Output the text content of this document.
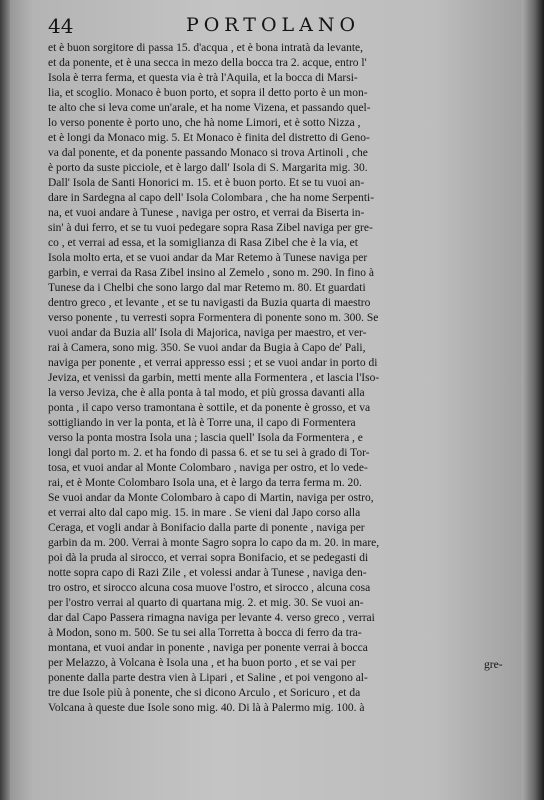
44	PORTOLANO
et è buon sorgitore di passa 15. d'acqua , et è bona intratà da levante,
et da ponente, et è una secca in mezo della bocca tra 2. acque, entro l'
Isola è terra ferma, et questa via è trà l'Aquila, et la bocca di Marsi-
lia, et scoglio. Monaco è buon porto, et sopra il detto porto è un mon-
te alto che si leva come un'arale, et ha nome Vizena, et passando quel-
lo verso ponente è porto uno, che hà nome Limori, et è sotto Nizza ,
et è longi da Monaco mig. 5. Et Monaco è finita del distretto di Geno-
va dal ponente, et da ponente passando Monaco si trova Artinoli , che
è porto da suste picciole, et è largo dall' Isola di S. Margarita mig. 30.
Dall' Isola de Santi Honorici m. 15. et è buon porto. Et se tu vuoi an-
dare in Sardegna al capo dell' Isola Colombara , che ha nome Serpenti-
na, et vuoi andare à Tunese , naviga per ostro, et verrai da Biserta in-
sin' à dui ferro, et se tu vuoi pedegare sopra Rasa Zibel naviga per gre-
co , et verrai ad essa, et la somiglianza di Rasa Zibel che è la via, et
Isola molto erta, et se vuoi andar da Mar Retemo à Tunese naviga per
garbin, e verrai da Rasa Zibel insino al Zemelo , sono m. 290. In fino à
Tunese da i Chelbi che sono largo dal mar Retemo m. 80. Et guardati
dentro greco , et levante , et se tu navigasti da Buzia quarta di maestro
verso ponente , tu verresti sopra Formentera di ponente sono m. 300. Se
vuoi andar da Buzia all' Isola di Majorica, naviga per maestro, et ver-
rai à Camera, sono mig. 350. Se vuoi andar da Bugia à Capo de' Pali,
naviga per ponente , et verrai appresso essi ; et se vuoi andar in porto di
Jeviza, et venissi da garbin, metti mente alla Formentera , et lascia l'Iso-
la verso Jeviza, che è alla ponta à tal modo, et più grossa davanti alla
ponta , il capo verso tramontana è sottile, et da ponente è grosso, et va
sottigliando in ver la ponta, et là è Torre una, il capo di Formentera
verso la ponta mostra Isola una ; lascia quell' Isola da Formentera , e
longi dal porto m. 2. et ha fondo di passa 6. et se tu sei à grado di Tor-
tosa, et vuoi andar al Monte Colombaro , naviga per ostro, et lo vede-
rai, et è Monte Colombaro Isola una, et è largo da terra ferma m. 20.
Se vuoi andar da Monte Colombaro à capo di Martin, naviga per ostro,
et verrai alto dal capo mig. 15. in mare . Se vieni dal Japo corso alla
Ceraga, et vogli andar à Bonifacio dalla parte di ponente , naviga per
garbin da m. 200. Verrai à monte Sagro sopra lo capo da m. 20. in mare,
poi dà la pruda al sirocco, et verrai sopra Bonifacio, et se pedegasti di
notte sopra capo di Razi Zile , et volessi andar à Tunese , naviga den-
tro ostro, et sirocco alcuna cosa muove l'ostro, et sirocco , alcuna cosa
per l'ostro verrai al quarto di quartana mig. 2. et mig. 30. Se vuoi an-
dar dal Capo Passera rimagna naviga per levante 4. verso greco , verrai
à Modon, sono m. 500. Se tu sei alla Torretta à bocca di ferro da tra-
montana, et vuoi andar in ponente , naviga per ponente verrai à bocca
per Melazzo, à Volcana è Isola una , et ha buon porto , et se vai per
ponente dalla parte destra vien à Lipari , et Saline , et poi vengono al-
tre due Isole più à ponente, che si dicono Arculo , et Soricuro , et da
Volcana à queste due Isole sono mig. 40. Di là à Palermo mig. 100. à
gre-
